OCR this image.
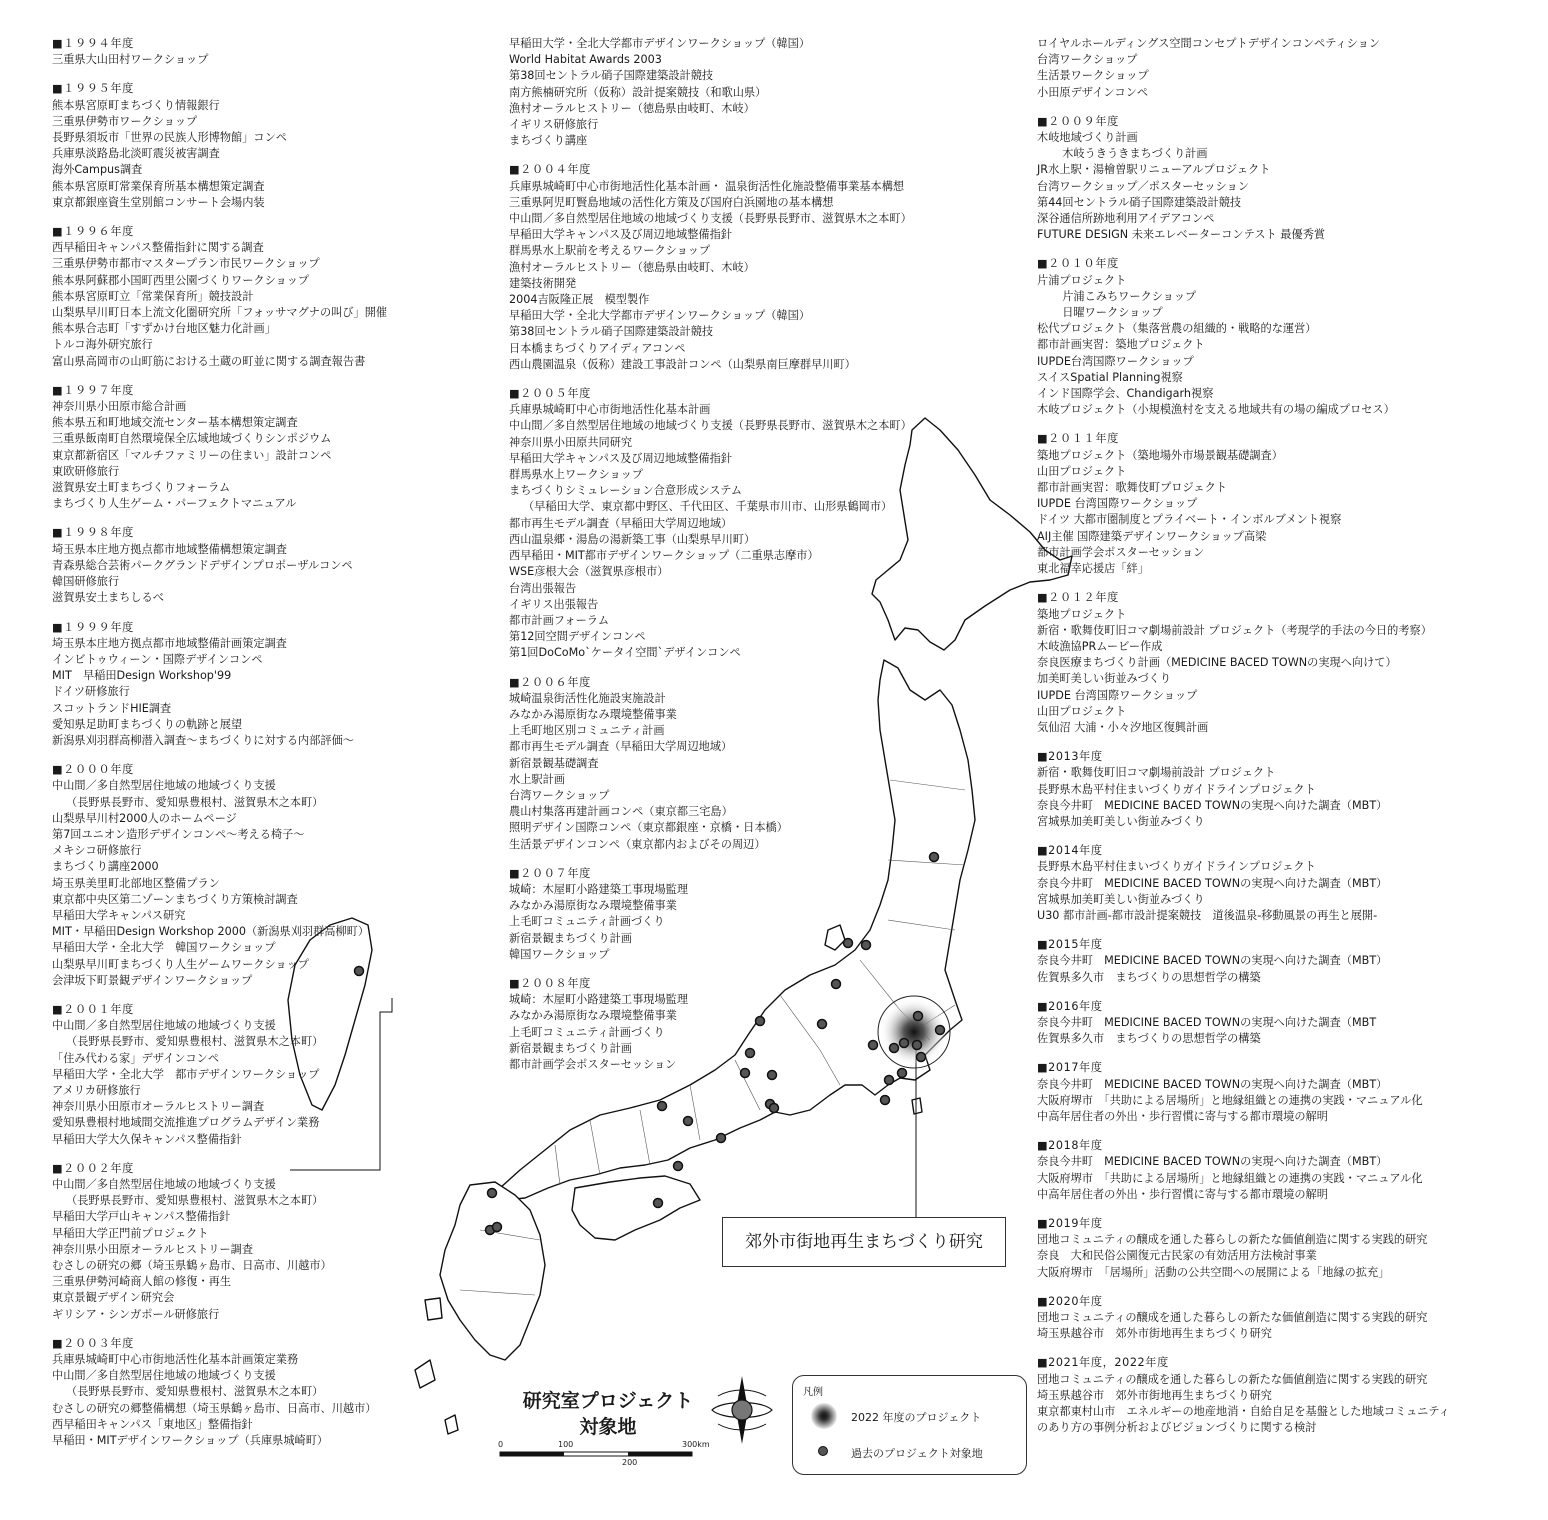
■１９９４年度
三重県大山田村ワークショップ
■１９９５年度
熊本県宮原町まちづくり情報銀行
三重県伊勢市ワークショップ
長野県須坂市「世界の民族人形博物館」コンペ
兵庫県淡路島北淡町震災被害調査
海外Campus調査
熊本県宮原町常業保育所基本構想策定調査
東京都銀座資生堂別館コンサート会場内装
■１９９６年度
西早稲田キャンパス整備指針に関する調査
三重県伊勢市都市マスタープラン市民ワークショップ
熊本県阿蘇郡小国町西里公園づくりワークショップ
熊本県宮原町立「常業保育所」競技設計
山梨県早川町日本上流文化圏研究所「フォッサマグナの叫び」開催
熊本県合志町「すずかけ台地区魅力化計画」
トルコ海外研究旅行
富山県高岡市の山町筋における土蔵の町並に関する調査報告書
■１９９７年度
神奈川県小田原市総合計画
熊本県五和町地域交流センター基本構想策定調査
三重県飯南町自然環境保全広域地域づくりシンポジウム
東京都新宿区「マルチファミリーの住まい」設計コンペ
東欧研修旅行
滋賀県安土町まちづくりフォーラム
まちづくり人生ゲーム・パーフェクトマニュアル
■１９９８年度
埼玉県本庄地方拠点都市地域整備構想策定調査
青森県総合芸術パークグランドデザインプロポーザルコンペ
韓国研修旅行
滋賀県安土まちしるべ
■１９９９年度
埼玉県本庄地方拠点都市地域整備計画策定調査
インビトゥウィーン・国際デザインコンペ
MIT　早稲田Design Workshop'99
ドイツ研修旅行
スコットランドHIE調査
愛知県足助町まちづくりの軌跡と展望
新潟県刈羽群高柳潜入調査～まちづくりに対する内部評価～
■２０００年度
中山間／多自然型居住地域の地域づくり支援
（長野県長野市、愛知県豊根村、滋賀県木之本町）
山梨県早川村2000人のホームページ
第7回ユニオン造形デザインコンペ～考える椅子～
メキシコ研修旅行
まちづくり講座2000
埼玉県美里町北部地区整備プラン
東京都中央区第二ゾーンまちづくり方策検討調査
早稲田大学キャンパス研究
MIT・早稲田Design Workshop 2000（新潟県刈羽群高柳町）
早稲田大学・全北大学　韓国ワークショップ
山梨県早川町まちづくり人生ゲームワークショップ
会津坂下町景観デザインワークショップ
■２００１年度
中山間／多自然型居住地域の地域づくり支援
（長野県長野市、愛知県豊根村、滋賀県木之本町）
「住み代わる家」デザインコンペ
早稲田大学・全北大学　都市デザインワークショップ
アメリカ研修旅行
神奈川県小田原市オーラルヒストリー調査
愛知県豊根村地域間交流推進プログラムデザイン業務
早稲田大学大久保キャンパス整備指針
■２００２年度
中山間／多自然型居住地域の地域づくり支援
（長野県長野市、愛知県豊根村、滋賀県木之本町）
早稲田大学戸山キャンパス整備指針
早稲田大学正門前プロジェクト
神奈川県小田原オーラルヒストリー調査
むさしの研究の郷（埼玉県鶴ヶ島市、日高市、川越市）
三重県伊勢河崎商人館の修復・再生
東京景観デザイン研究会
ギリシア・シンガポール研修旅行
■２００３年度
兵庫県城崎町中心市街地活性化基本計画策定業務
中山間／多自然型居住地域の地域づくり支援
（長野県長野市、愛知県豊根村、滋賀県木之本町）
むさしの研究の郷整備構想（埼玉県鶴ヶ島市、日高市、川越市）
西早稲田キャンパス「東地区」整備指針
早稲田・MITデザインワークショップ（兵庫県城崎町）
早稲田大学・全北大学都市デザインワークショップ（韓国）
World Habitat Awards 2003
第38回セントラル硝子国際建築設計競技
南方熊楠研究所（仮称）設計提案競技（和歌山県）
漁村オーラルヒストリー（徳島県由岐町、木岐）
イギリス研修旅行
まちづくり講座
■２００４年度
兵庫県城崎町中心市街地活性化基本計画・ 温泉街活性化施設整備事業基本構想
三重県阿児町賢島地域の活性化方策及び国府白浜園地の基本構想
中山間／多自然型居住地域の地域づくり支援（長野県長野市、滋賀県木之本町）
早稲田大学キャンパス及び周辺地域整備指針
群馬県水上駅前を考えるワークショップ
漁村オーラルヒストリー（徳島県由岐町、木岐）
建築技術開発
2004吉阪隆正展　模型製作
早稲田大学・全北大学都市デザインワークショップ（韓国）
第38回セントラル硝子国際建築設計競技
日本橋まちづくりアイディアコンペ
西山農園温泉（仮称）建設工事設計コンペ（山梨県南巨摩群早川町）
■２００５年度
兵庫県城崎町中心市街地活性化基本計画
中山間／多自然型居住地域の地域づくり支援（長野県長野市、滋賀県木之本町）
神奈川県小田原共同研究
早稲田大学キャンパス及び周辺地域整備指針
群馬県水上ワークショップ
まちづくりシミュレーション合意形成システム
（早稲田大学、東京都中野区、千代田区、千葉県市川市、山形県鶴岡市）
都市再生モデル調査（早稲田大学周辺地域）
西山温泉郷・湯島の湯新築工事（山梨県早川町）
西早稲田・MIT都市デザインワークショップ（二重県志摩市）
WSE彦根大会（滋賀県彦根市）
台湾出張報告
イギリス出張報告
都市計画フォーラム
第12回空間デザインコンペ
第1回DoCoMo`ケータイ空間`デザインコンペ
■２００６年度
城崎温泉街活性化施設実施設計
みなかみ湯原街なみ環境整備事業
上毛町地区別コミュニティ計画
都市再生モデル調査（早稲田大学周辺地域）
新宿景観基礎調査
水上駅計画
台湾ワークショップ
農山村集落再建計画コンペ（東京都三宅島）
照明デザイン国際コンペ（東京都銀座・京橋・日本橋）
生活景デザインコンペ（東京都内およびその周辺）
■２００７年度
城崎：木屋町小路建築工事現場監理
みなかみ湯原街なみ環境整備事業
上毛町コミュニティ計画づくり
新宿景観まちづくり計画
韓国ワークショップ
■２００８年度
城崎：木屋町小路建築工事現場監理
みなかみ湯原街なみ環境整備事業
上毛町コミュニティ計画づくり
新宿景観まちづくり計画
都市計画学会ポスターセッション
ロイヤルホールディングス空間コンセプトデザインコンペティション
台湾ワークショップ
生活景ワークショップ
小田原デザインコンペ
■２００９年度
木岐地域づくり計画
　木岐うきうきまちづくり計画
JR水上駅・湯檜曽駅リニューアルプロジェクト
台湾ワークショップ／ポスターセッション
第44回セントラル硝子国際建築設計競技
深谷通信所跡地利用アイデアコンペ
FUTURE DESIGN 未来エレベーターコンテスト 最優秀賞
■２０１０年度
片浦プロジェクト
　片浦こみちワークショップ
　日曜ワークショップ
松代プロジェクト（集落営農の組織的・戦略的な運営）
都市計画実習：築地プロジェクト
IUPDE台湾国際ワークショップ
スイスSpatial Planning視察
インド国際学会、Chandigarh視察
木岐プロジェクト（小規模漁村を支える地域共有の場の編成プロセス）
■２０１１年度
築地プロジェクト（築地場外市場景観基礎調査）
山田プロジェクト
都市計画実習：歌舞伎町プロジェクト
IUPDE 台湾国際ワークショップ
ドイツ 大都市圏制度とプライベート・インボルブメント視察
AIJ主催 国際建築デザインワークショップ高梁
都市計画学会ポスターセッション
東北福幸応援店「絆」
■２０１２年度
築地プロジェクト
新宿・歌舞伎町旧コマ劇場前設計 プロジェクト（考現学的手法の今日的考察）
木岐漁協PRムービー作成
奈良医療まちづくり計画（MEDICINE BACED TOWNの実現へ向けて）
加美町美しい街並みづくり
IUPDE 台湾国際ワークショップ
山田プロジェクト
気仙沼 大浦・小々汐地区復興計画
■2013年度
新宿・歌舞伎町旧コマ劇場前設計 プロジェクト
長野県木島平村住まいづくりガイドラインプロジェクト
奈良今井町　MEDICINE BACED TOWNの実現へ向けた調査（MBT）
宮城県加美町美しい街並みづくり
■2014年度
長野県木島平村住まいづくりガイドラインプロジェクト
奈良今井町　MEDICINE BACED TOWNの実現へ向けた調査（MBT）
宮城県加美町美しい街並みづくり
U30 都市計画-都市設計提案競技　道後温泉-移動風景の再生と展開-
■2015年度
奈良今井町　MEDICINE BACED TOWNの実現へ向けた調査（MBT）
佐賀県多久市　まちづくりの思想哲学の構築
■2016年度
奈良今井町　MEDICINE BACED TOWNの実現へ向けた調査（MBT
佐賀県多久市　まちづくりの思想哲学の構築
■2017年度
奈良今井町　MEDICINE BACED TOWNの実現へ向けた調査（MBT）
大阪府堺市　「共助による居場所」と地縁組織との連携の実践・マニュアル化
中高年居住者の外出・歩行習慣に寄与する都市環境の解明
■2018年度
奈良今井町　MEDICINE BACED TOWNの実現へ向けた調査（MBT）
大阪府堺市　「共助による居場所」と地縁組織との連携の実践・マニュアル化
中高年居住者の外出・歩行習慣に寄与する都市環境の解明
■2019年度
団地コミュニティの醸成を通した暮らしの新たな価値創造に関する実践的研究
奈良　大和民俗公園復元古民家の有効活用方法検討事業
大阪府堺市　「居場所」活動の公共空間への展開による「地縁の拡充」
■2020年度
団地コミュニティの醸成を通した暮らしの新たな価値創造に関する実践的研究
埼玉県越谷市　郊外市街地再生まちづくり研究
■2021年度，2022年度
団地コミュニティの醸成を通した暮らしの新たな価値創造に関する実践的研究
埼玉県越谷市　郊外市街地再生まちづくり研究
東京都東村山市　エネルギーの地産地消・自給自足を基盤とした地域コミュニティ
のあり方の事例分析およびビジョンづくりに関する検討
研究室プロジェクト
対象地
0	100
200
300km
郊外市街地再生まちづくり研究
凡例
2022 年度のプロジェクト
過去のプロジェクト対象地
